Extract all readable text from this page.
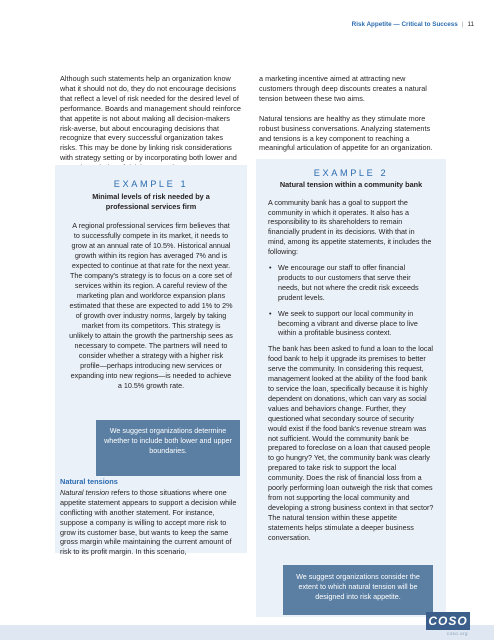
Risk Appetite — Critical to Success | 11

Although such statements help an organization know what it should not do, they do not encourage decisions that reflect a level of risk needed for the desired level of performance. Boards and management should reinforce that appetite is not about making all decision-makers risk-averse, but about encouraging decisions that recognize that every successful organization takes risks. This may be done by linking risk considerations with strategy setting or by incorporating both lower and

a marketing incentive aimed at attracting new customers through deep discounts creates a natural tension between these two aims.

Natural tensions are healthy as they stimulate more robust business conversations. Analyzing statements and tensions is a key component to reaching a meaningful articulation of appetite for an organization.

EXAMPLE 1
Minimal levels of risk needed by a professional services firm
A regional professional services firm believes that to successfully compete in its market, it needs to grow at an annual rate of 10.5%. Historical annual growth within its region has averaged 7% and is expected to continue at that rate for the next year. The company's strategy is to focus on a core set of services within its region. A careful review of the marketing plan and workforce expansion plans estimated that these are expected to add 1% to 2% of growth over industry norms, largely by taking market from its competitors. This strategy is unlikely to attain the growth the partnership sees as necessary to compete. The partners will need to consider whether a strategy with a higher risk profile—perhaps introducing new services or expanding into new regions—is needed to achieve a 10.5% growth rate.
We suggest organizations determine whether to include both lower and upper boundaries.
Natural tensions

Natural tension refers to those situations where one appetite statement appears to support a decision while conflicting with another statement. For instance, suppose a company is willing to accept more risk to grow its customer base, but wants to keep the same gross margin while maintaining the current amount of risk to its profit margin. In this scenario,

EXAMPLE 2
Natural tension within a community bank
A community bank has a goal to support the community in which it operates. It also has a responsibility to its shareholders to remain financially prudent in its decisions. With that in mind, among its appetite statements, it includes the following:
• We encourage our staff to offer financial products to our customers that serve their needs, but not where the credit risk exceeds prudent levels.
• We seek to support our local community in becoming a vibrant and diverse place to live within a profitable business context.
The bank has been asked to fund a loan to the local food bank to help it upgrade its premises to better serve the community. In considering this request, management looked at the ability of the food bank to service the loan, specifically because it is highly dependent on donations, which can vary as social values and behaviors change. Further, they questioned what secondary source of security would exist if the food bank's revenue stream was not sufficient. Would the community bank be prepared to foreclose on a loan that caused people to go hungry? Yet, the community bank was clearly prepared to take risk to support the local community. Does the risk of financial loss from a poorly performing loan outweigh the risk that comes from not supporting the local community and developing a strong business context in that sector? The natural tension within these appetite statements helps stimulate a deeper business conversation.
We suggest organizations consider the extent to which natural tension will be designed into risk appetite.
COSO
coso.org
